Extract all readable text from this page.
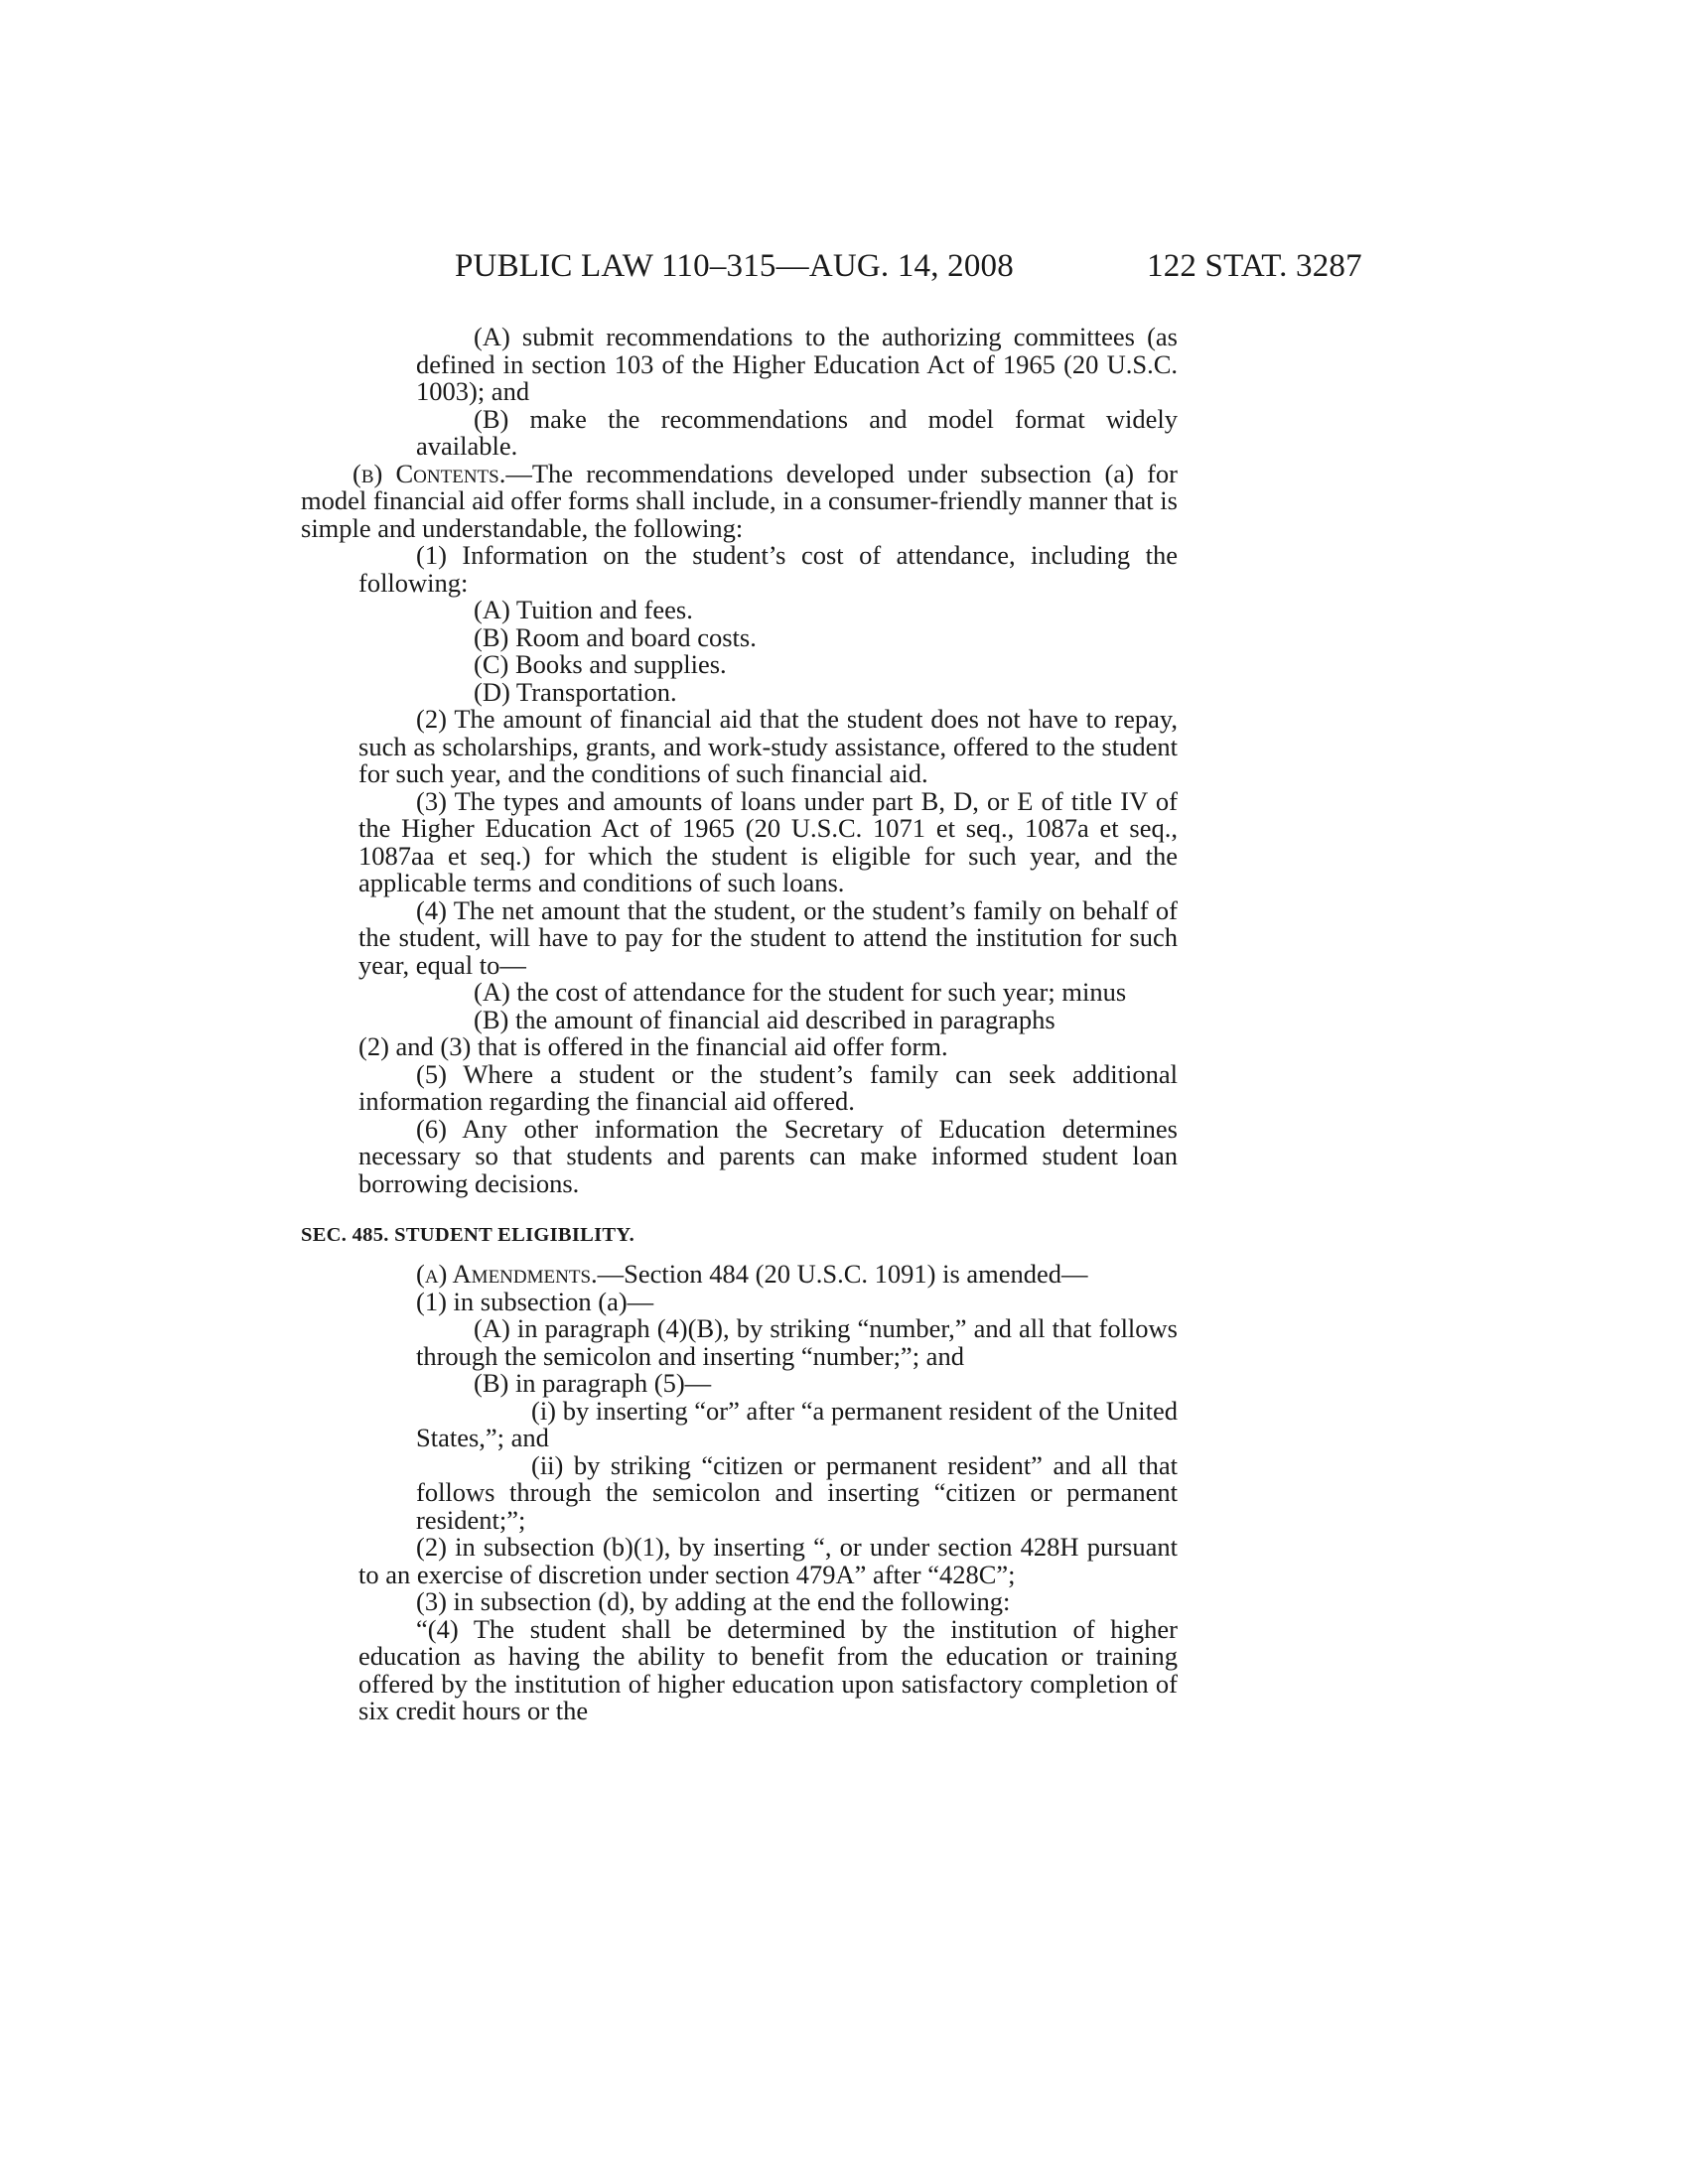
PUBLIC LAW 110–315—AUG. 14, 2008	122 STAT. 3287

(A) submit recommendations to the authorizing committees (as defined in section 103 of the Higher Education Act of 1965 (20 U.S.C. 1003); and

(B) make the recommendations and model format widely available.

(b) Contents.—The recommendations developed under subsection (a) for model financial aid offer forms shall include, in a consumer-friendly manner that is simple and understandable, the following:

(1) Information on the student’s cost of attendance, including the following:

(A) Tuition and fees.

(B) Room and board costs.

(C) Books and supplies.

(D) Transportation.

(2) The amount of financial aid that the student does not have to repay, such as scholarships, grants, and work-study assistance, offered to the student for such year, and the conditions of such financial aid.

(3) The types and amounts of loans under part B, D, or E of title IV of the Higher Education Act of 1965 (20 U.S.C. 1071 et seq., 1087a et seq., 1087aa et seq.) for which the student is eligible for such year, and the applicable terms and conditions of such loans.

(4) The net amount that the student, or the student’s family on behalf of the student, will have to pay for the student to attend the institution for such year, equal to—

(A) the cost of attendance for the student for such year; minus

(B) the amount of financial aid described in paragraphs

(2) and (3) that is offered in the financial aid offer form.

(5) Where a student or the student’s family can seek additional information regarding the financial aid offered.

(6) Any other information the Secretary of Education determines necessary so that students and parents can make informed student loan borrowing decisions.

SEC. 485. STUDENT ELIGIBILITY.

(a) Amendments.—Section 484 (20 U.S.C. 1091) is amended—

(1) in subsection (a)—

(A) in paragraph (4)(B), by striking “number,” and all that follows through the semicolon and inserting “number;”; and

(B) in paragraph (5)—

(i) by inserting “or” after “a permanent resident of the United States,”; and

(ii) by striking “citizen or permanent resident” and all that follows through the semicolon and inserting “citizen or permanent resident;”;

(2) in subsection (b)(1), by inserting “, or under section 428H pursuant to an exercise of discretion under section 479A” after “428C”;

(3) in subsection (d), by adding at the end the following:

“(4) The student shall be determined by the institution of higher education as having the ability to benefit from the education or training offered by the institution of higher education upon satisfactory completion of six credit hours or the
